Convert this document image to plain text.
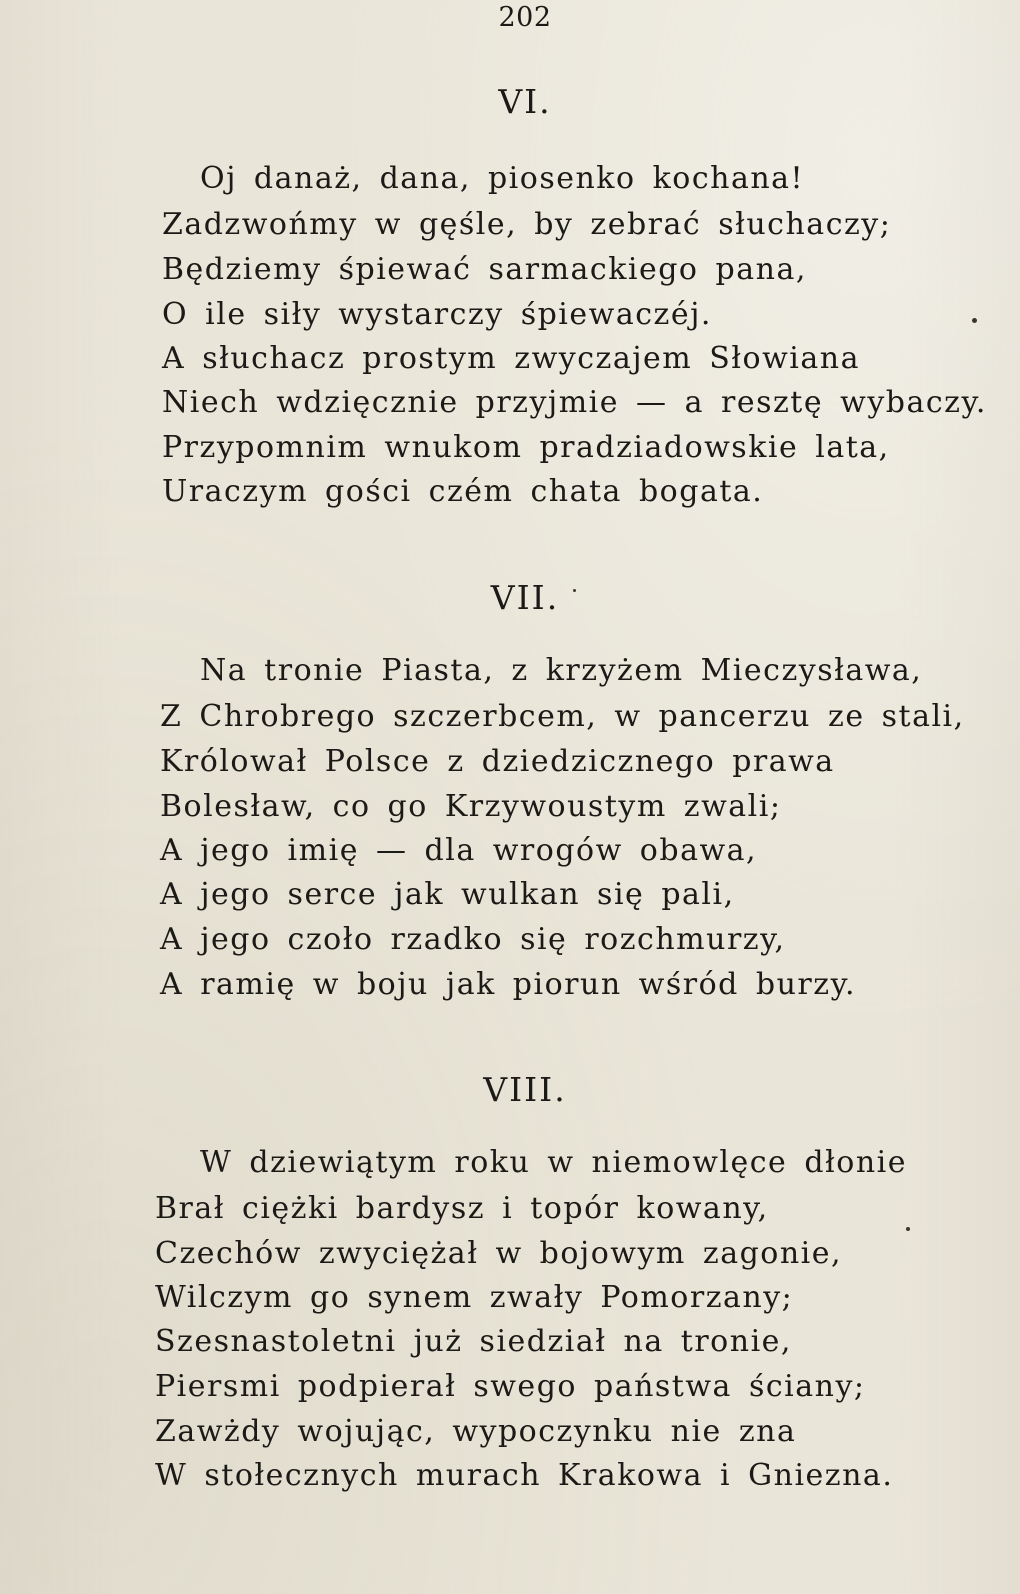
202
VI.
Oj danaż, dana, piosenko kochana!
Zadzwońmy w gęśle, by zebrać słuchaczy;
Będziemy śpiewać sarmackiego pana,
O ile siły wystarczy śpiewaczéj.
A słuchacz prostym zwyczajem Słowiana
Niech wdzięcznie przyjmie — a resztę wybaczy.
Przypomnim wnukom pradziadowskie lata,
Uraczym gości czém chata bogata.
VII.
Na tronie Piasta, z krzyżem Mieczysława,
Z Chrobrego szczerbcem, w pancerzu ze stali,
Królował Polsce z dziedzicznego prawa
Bolesław, co go Krzywoustym zwali;
A jego imię — dla wrogów obawa,
A jego serce jak wulkan się pali,
A jego czoło rzadko się rozchmurzy,
A ramię w boju jak piorun wśród burzy.
VIII.
W dziewiątym roku w niemowlęce dłonie
Brał ciężki bardysz i topór kowany,
Czechów zwyciężał w bojowym zagonie,
Wilczym go synem zwały Pomorzany;
Szesnastoletni już siedział na tronie,
Piersmi podpierał swego państwa ściany;
Zawżdy wojując, wypoczynku nie zna
W stołecznych murach Krakowa i Gniezna.
